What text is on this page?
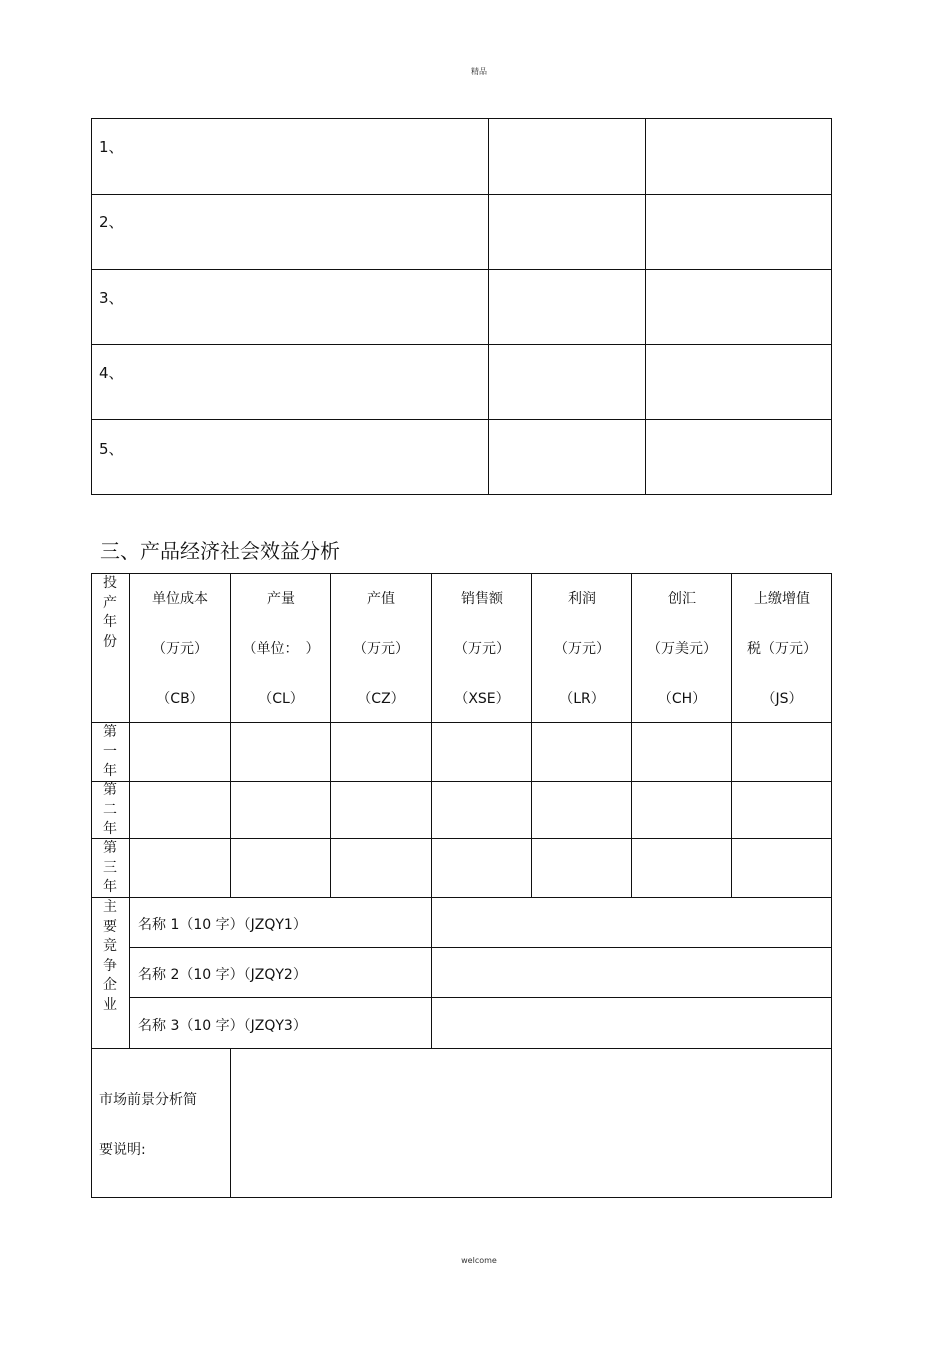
精品
1、
2、
3、
4、
5、
三、产品经济社会效益分析
投产年份
单位成本
（万元）
（CB）
产量
（单位：　）
（CL）
产值
（万元）
（CZ）
销售额
（万元）
（XSE）
利润
（万元）
（LR）
创汇
（万美元）
（CH）
上缴增值
税（万元）
（JS）
第一年
第二年
第三年
主要竞争企业
名称 1（10 字）（JZQY1）
名称 2（10 字）（JZQY2）
名称 3（10 字）（JZQY3）
市场前景分析简
要说明:
welcome
